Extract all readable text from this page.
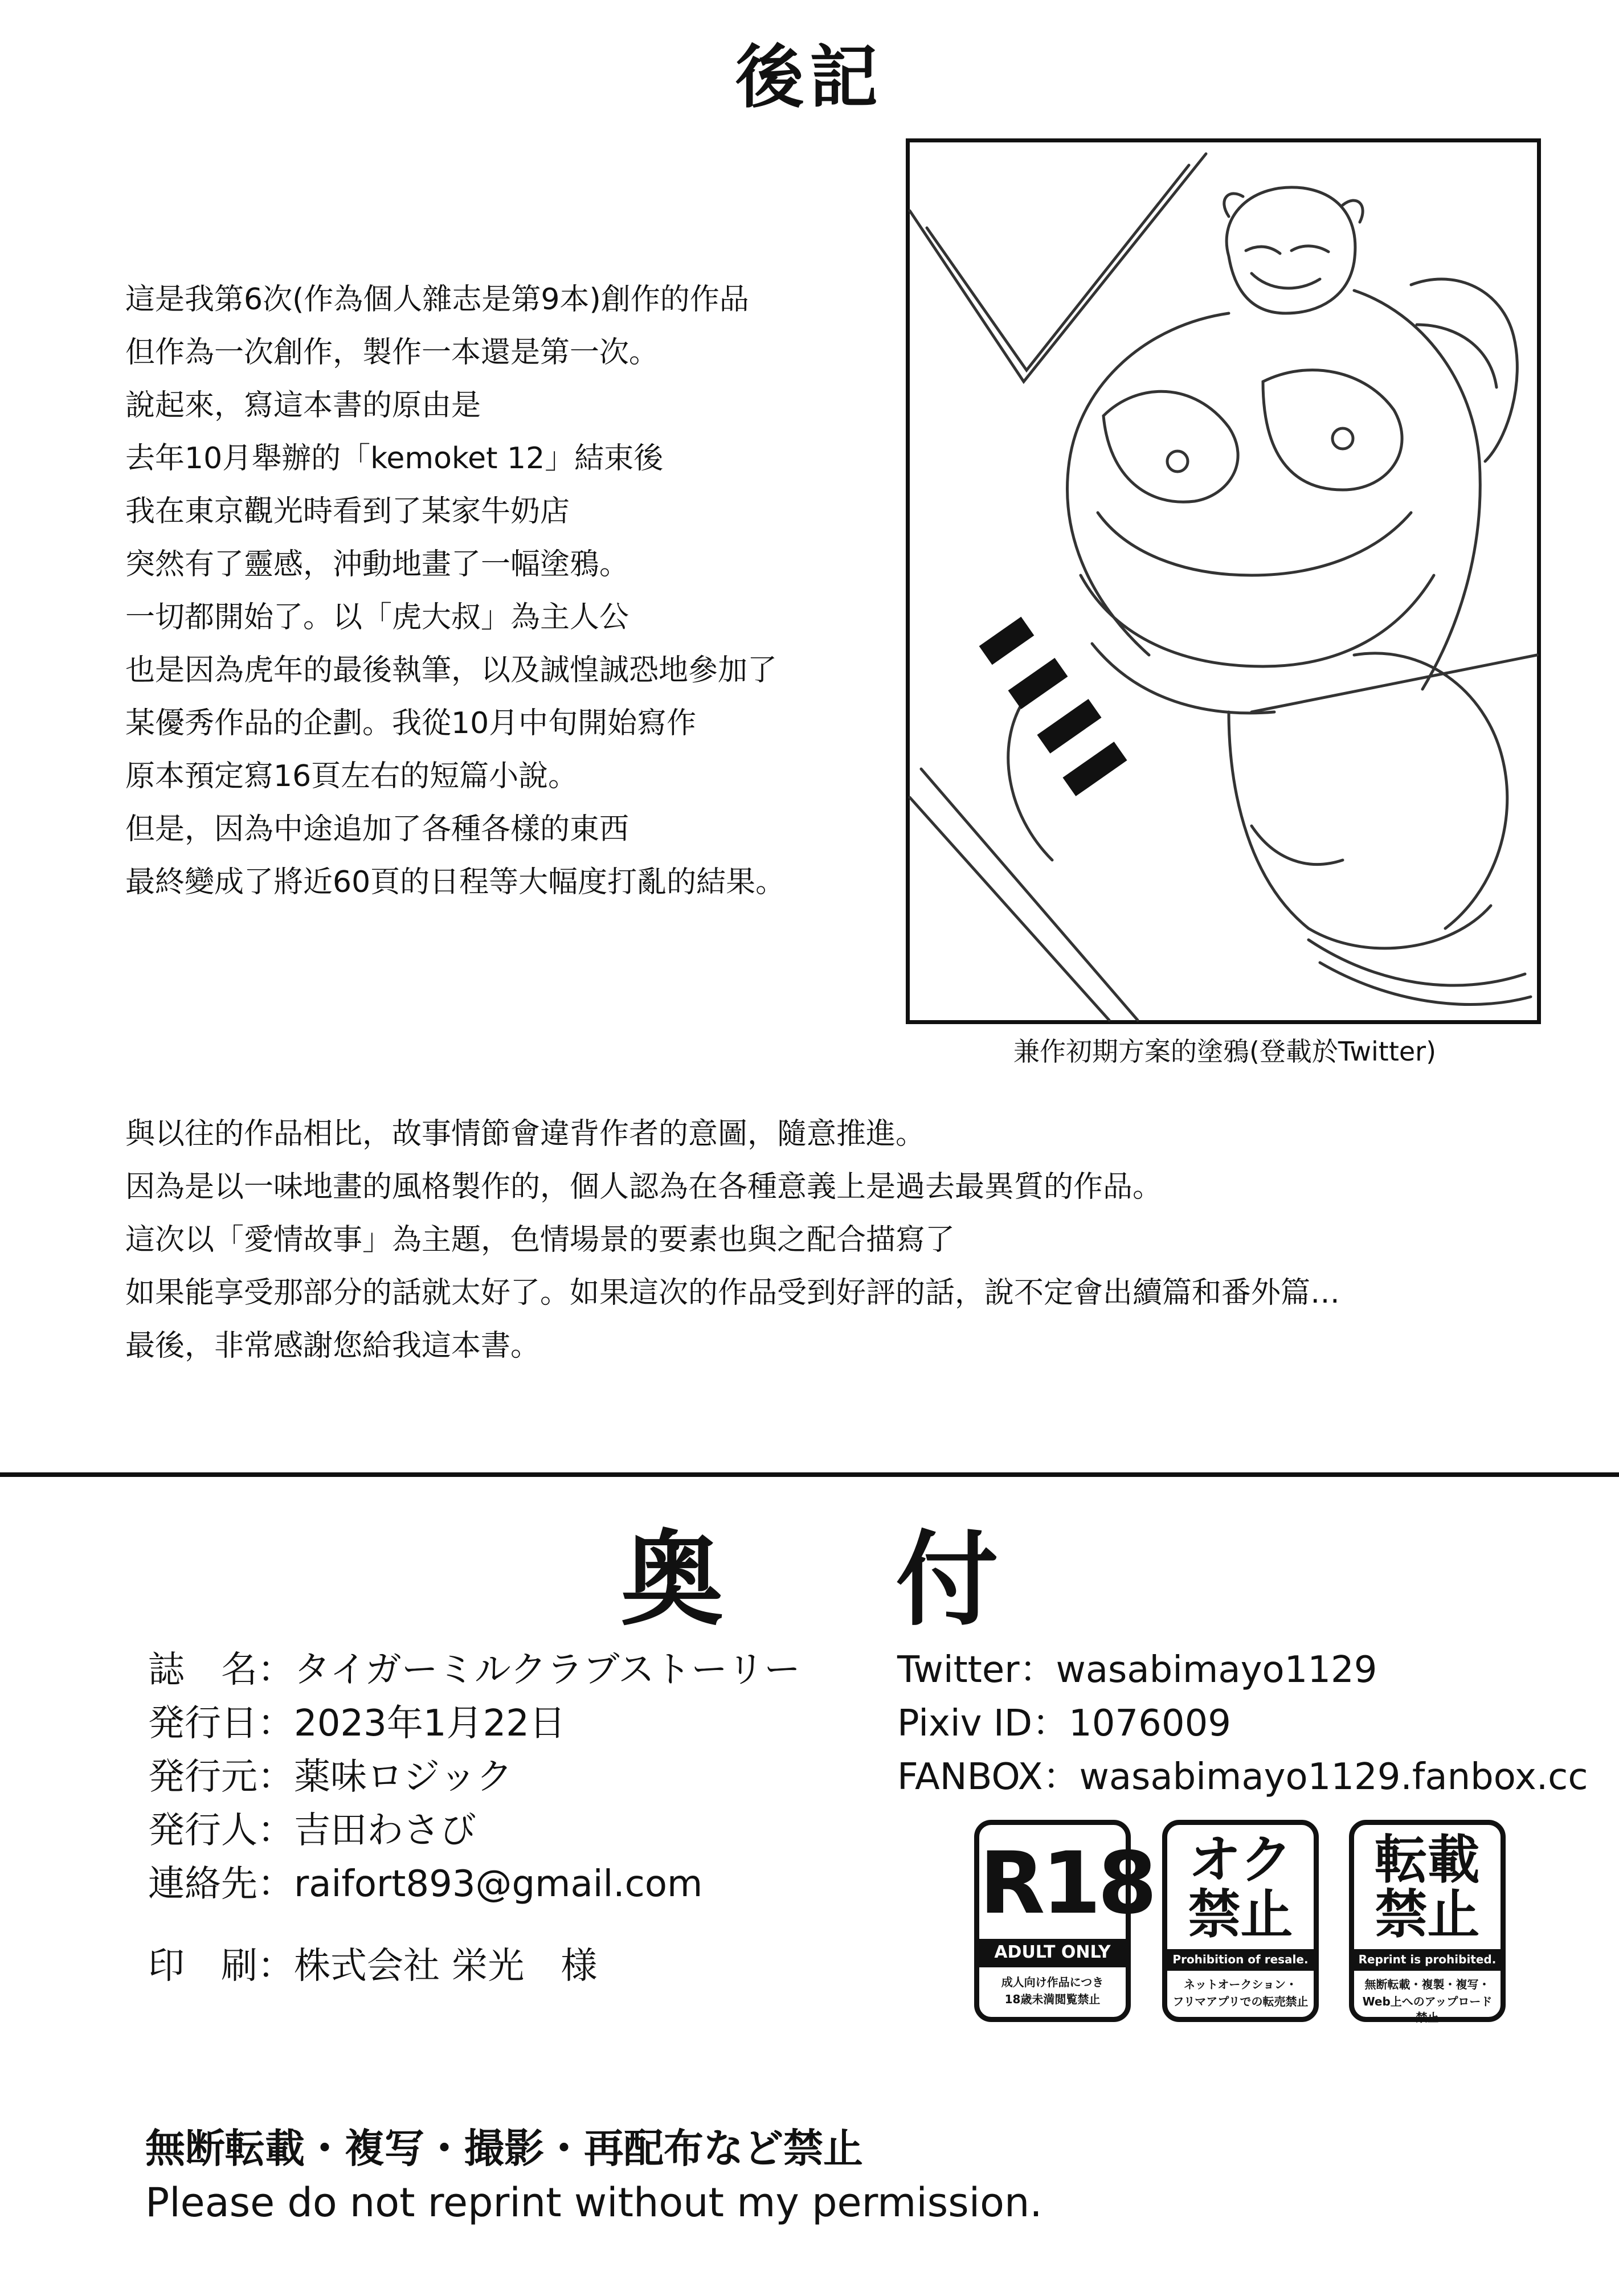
後記
這是我第6次(作為個人雜志是第9本)創作的作品
但作為一次創作，製作一本還是第一次。
說起來，寫這本書的原由是
去年10月舉辦的「kemoket 12」結束後
我在東京觀光時看到了某家牛奶店
突然有了靈感，沖動地畫了一幅塗鴉。
一切都開始了。以「虎大叔」為主人公
也是因為虎年的最後執筆，以及誠惶誠恐地參加了
某優秀作品的企劃。我從10月中旬開始寫作
原本預定寫16頁左右的短篇小說。
但是，因為中途追加了各種各樣的東西
最終變成了將近60頁的日程等大幅度打亂的結果。
兼作初期方案的塗鴉(登載於Twitter)
與以往的作品相比，故事情節會違背作者的意圖，隨意推進。
因為是以一味地畫的風格製作的，個人認為在各種意義上是過去最異質的作品。
這次以「愛情故事」為主題，色情場景的要素也與之配合描寫了
如果能享受那部分的話就太好了。如果這次的作品受到好評的話，說不定會出續篇和番外篇…
最後，非常感謝您給我這本書。
奥 付
誌　名：タイガーミルクラブストーリー
発行日：2023年1月22日
発行元：薬味ロジック
発行人：吉田わさび
連絡先：raifort893@gmail.com
印　刷：株式会社 栄光　様
Twitter：wasabimayo1129
Pixiv ID：1076009
FANBOX：wasabimayo1129.fanbox.cc
R18
ADULT ONLY
成人向け作品につき
18歳未満閲覧禁止
オク
禁止
Prohibition of resale.
ネットオークション・
フリマアプリでの転売禁止
転載
禁止
Reprint is prohibited.
無断転載・複製・複写・
Web上へのアップロード禁止
無断転載・複写・撮影・再配布など禁止
Please do not reprint without my permission.
